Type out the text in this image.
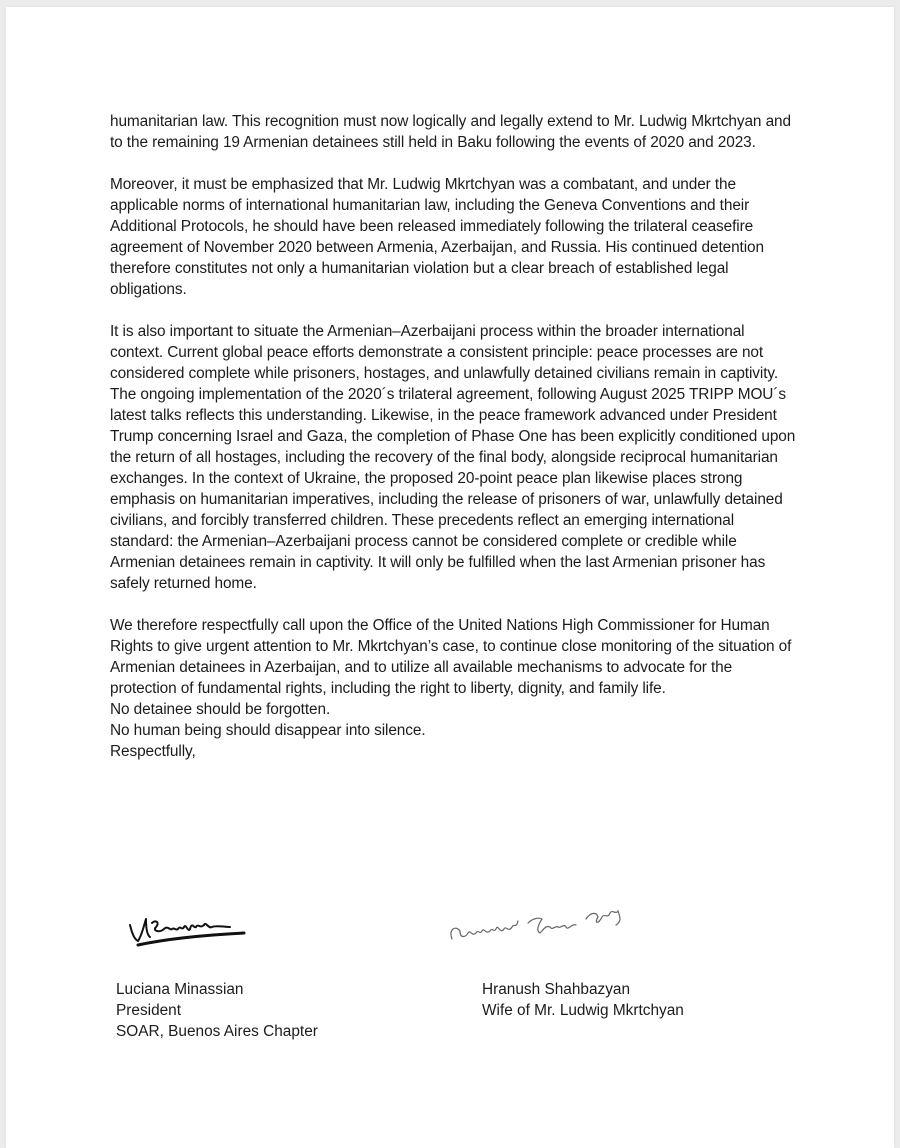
humanitarian law. This recognition must now logically and legally extend to Mr. Ludwig Mkrtchyan and to the remaining 19 Armenian detainees still held in Baku following the events of 2020 and 2023.

Moreover, it must be emphasized that Mr. Ludwig Mkrtchyan was a combatant, and under the applicable norms of international humanitarian law, including the Geneva Conventions and their Additional Protocols, he should have been released immediately following the trilateral ceasefire agreement of November 2020 between Armenia, Azerbaijan, and Russia. His continued detention therefore constitutes not only a humanitarian violation but a clear breach of established legal obligations.

It is also important to situate the Armenian–Azerbaijani process within the broader international context. Current global peace efforts demonstrate a consistent principle: peace processes are not considered complete while prisoners, hostages, and unlawfully detained civilians remain in captivity. The ongoing implementation of the 2020´s trilateral agreement, following August 2025 TRIPP MOU´s latest talks reflects this understanding. Likewise, in the peace framework advanced under President Trump concerning Israel and Gaza, the completion of Phase One has been explicitly conditioned upon the return of all hostages, including the recovery of the final body, alongside reciprocal humanitarian exchanges. In the context of Ukraine, the proposed 20-point peace plan likewise places strong emphasis on humanitarian imperatives, including the release of prisoners of war, unlawfully detained civilians, and forcibly transferred children. These precedents reflect an emerging international standard: the Armenian–Azerbaijani process cannot be considered complete or credible while Armenian detainees remain in captivity. It will only be fulfilled when the last Armenian prisoner has safely returned home.

We therefore respectfully call upon the Office of the United Nations High Commissioner for Human Rights to give urgent attention to Mr. Mkrtchyan’s case, to continue close monitoring of the situation of Armenian detainees in Azerbaijan, and to utilize all available mechanisms to advocate for the protection of fundamental rights, including the right to liberty, dignity, and family life.

No detainee should be forgotten.

No human being should disappear into silence.

Respectfully,

Luciana Minassian
President
SOAR, Buenos Aires Chapter
Hranush Shahbazyan
Wife of Mr. Ludwig Mkrtchyan
